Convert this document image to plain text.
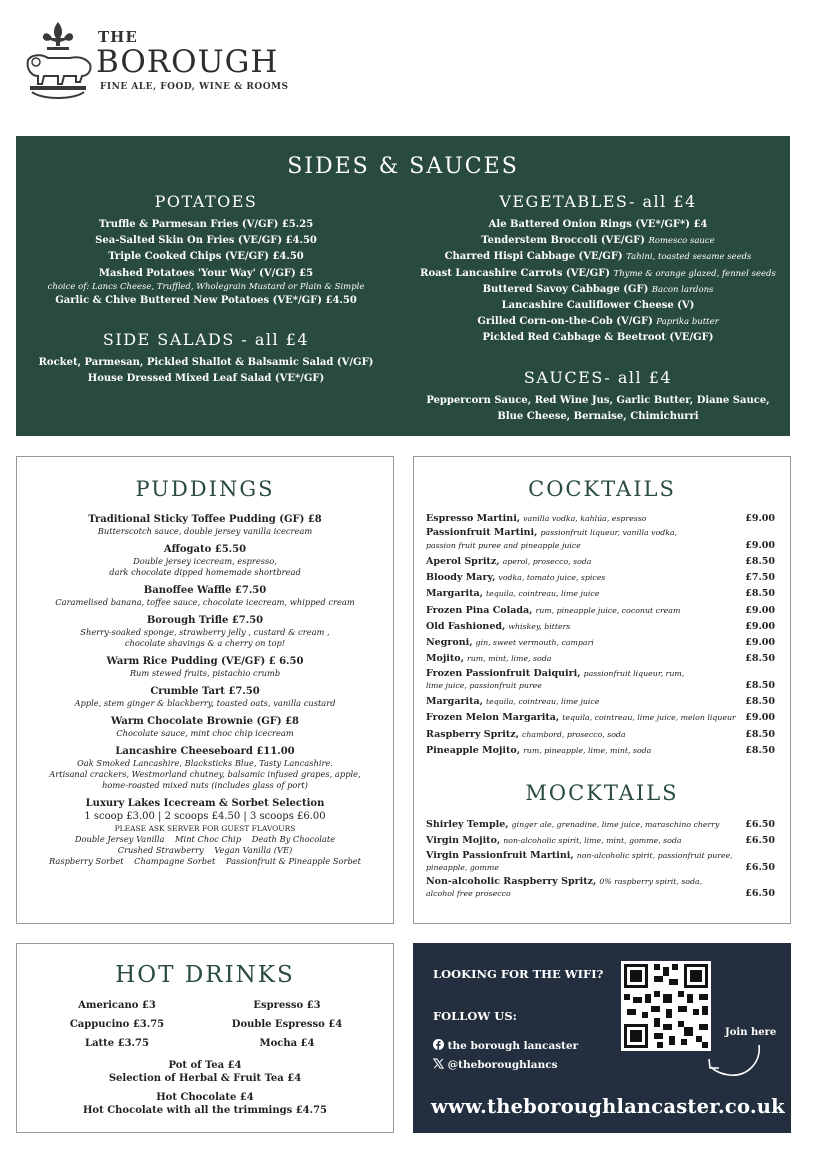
THE
BOROUGH
FINE ALE, FOOD, WINE & ROOMS
SIDES & SAUCES
POTATOES
Truffle & Parmesan Fries (V/GF) £5.25
Sea-Salted Skin On Fries (VE/GF) £4.50
Triple Cooked Chips (VE/GF) £4.50
Mashed Potatoes 'Your Way' (V/GF) £5
choice of: Lancs Cheese, Truffled, Wholegrain Mustard or Plain & Simple
Garlic & Chive Buttered New Potatoes (VE*/GF) £4.50
SIDE SALADS - all £4
Rocket, Parmesan, Pickled Shallot & Balsamic Salad (V/GF)
House Dressed Mixed Leaf Salad (VE*/GF)
VEGETABLES- all £4
Ale Battered Onion Rings (VE*/GF*) £4
Tenderstem Broccoli (VE/GF) Romesco sauce
Charred Hispi Cabbage (VE/GF) Tahini, toasted sesame seeds
Roast Lancashire Carrots (VE/GF) Thyme & orange glazed, fennel seeds
Buttered Savoy Cabbage (GF) Bacon lardons
Lancashire Cauliflower Cheese (V)
Grilled Corn-on-the-Cob (V/GF) Paprika butter
Pickled Red Cabbage & Beetroot (VE/GF)
SAUCES- all £4
Peppercorn Sauce, Red Wine Jus, Garlic Butter, Diane Sauce,
Blue Cheese, Bernaise, Chimichurri
PUDDINGS
Traditional Sticky Toffee Pudding (GF) £8
Butterscotch sauce, double jersey vanilla icecream
Affogato £5.50
Double jersey icecream, espresso,
dark chocolate dipped homemade shortbread
Banoffee Waffle £7.50
Caramelised banana, toffee sauce, chocolate icecream, whipped cream
Borough Trifle £7.50
Sherry-soaked sponge, strawberry jelly , custard & cream ,
chocolate shavings & a cherry on top!
Warm Rice Pudding (VE/GF) £ 6.50
Rum stewed fruits, pistachio crumb
Crumble Tart £7.50
Apple, stem ginger & blackberry, toasted oats, vanilla custard
Warm Chocolate Brownie (GF) £8
Chocolate sauce, mint choc chip icecream
Lancashire Cheeseboard £11.00
Oak Smoked Lancashire, Blacksticks Blue, Tasty Lancashire.
Artisanal crackers, Westmorland chutney, balsamic infused grapes, apple,
home-roasted mixed nuts (includes glass of port)
Luxury Lakes Icecream & Sorbet Selection
1 scoop £3.00 | 2 scoops £4.50 | 3 scoops £6.00
PLEASE ASK SERVER FOR GUEST FLAVOURS
Double Jersey Vanilla    Mint Choc Chip    Death By Chocolate
Crushed Strawberry    Vegan Vanilla (VE)
Raspberry Sorbet    Champagne Sorbet    Passionfruit & Pineapple Sorbet
COCKTAILS
Espresso Martini, vanilla vodka, kahlúa, espresso	£9.00
Passionfruit Martini, passionfruit liqueur, vanilla vodka,
passion fruit puree and pineapple juice	£9.00
Aperol Spritz, aperol, prosecco, soda	£8.50
Bloody Mary, vodka, tomato juice, spices	£7.50
Margarita, tequila, cointreau, lime juice	£8.50
Frozen Pina Colada, rum, pineapple juice, coconut cream	£9.00
Old Fashioned, whiskey, bitters	£9.00
Negroni, gin, sweet vermouth, campari	£9.00
Mojito, rum, mint, lime, soda	£8.50
Frozen Passionfruit Daiquiri, passionfruit liqueur, rum,
lime juice, passionfruit puree	£8.50
Margarita, tequila, cointreau, lime juice	£8.50
Frozen Melon Margarita, tequila, cointreau, lime juice, melon liqueur £9.00
Raspberry Spritz, chambord, prosecco, soda	£8.50
Pineapple Mojito, rum, pineapple, lime, mint, soda	£8.50
MOCKTAILS
Shirley Temple, ginger ale, grenadine, lime juice, maraschino cherry	£6.50
Virgin Mojito, non-alcoholic spirit, lime, mint, gomme, soda	£6.50
Virgin Passionfruit Martini, non-alcoholic spirit, passionfruit puree,
pineapple, gomme	£6.50
Non-alcoholic Raspberry Spritz, 0% raspberry spirit, soda,
alcohol free prosecco	£6.50
HOT DRINKS
Americano £3
Cappucino £3.75
Latte £3.75
Espresso £3
Double Espresso £4
Mocha £4
Pot of Tea £4
Selection of Herbal & Fruit Tea £4
Hot Chocolate £4
Hot Chocolate with all the trimmings £4.75
LOOKING FOR THE WIFI?
FOLLOW US:
the borough lancaster
@theboroughlancs
Join here
www.theboroughlancaster.co.uk
